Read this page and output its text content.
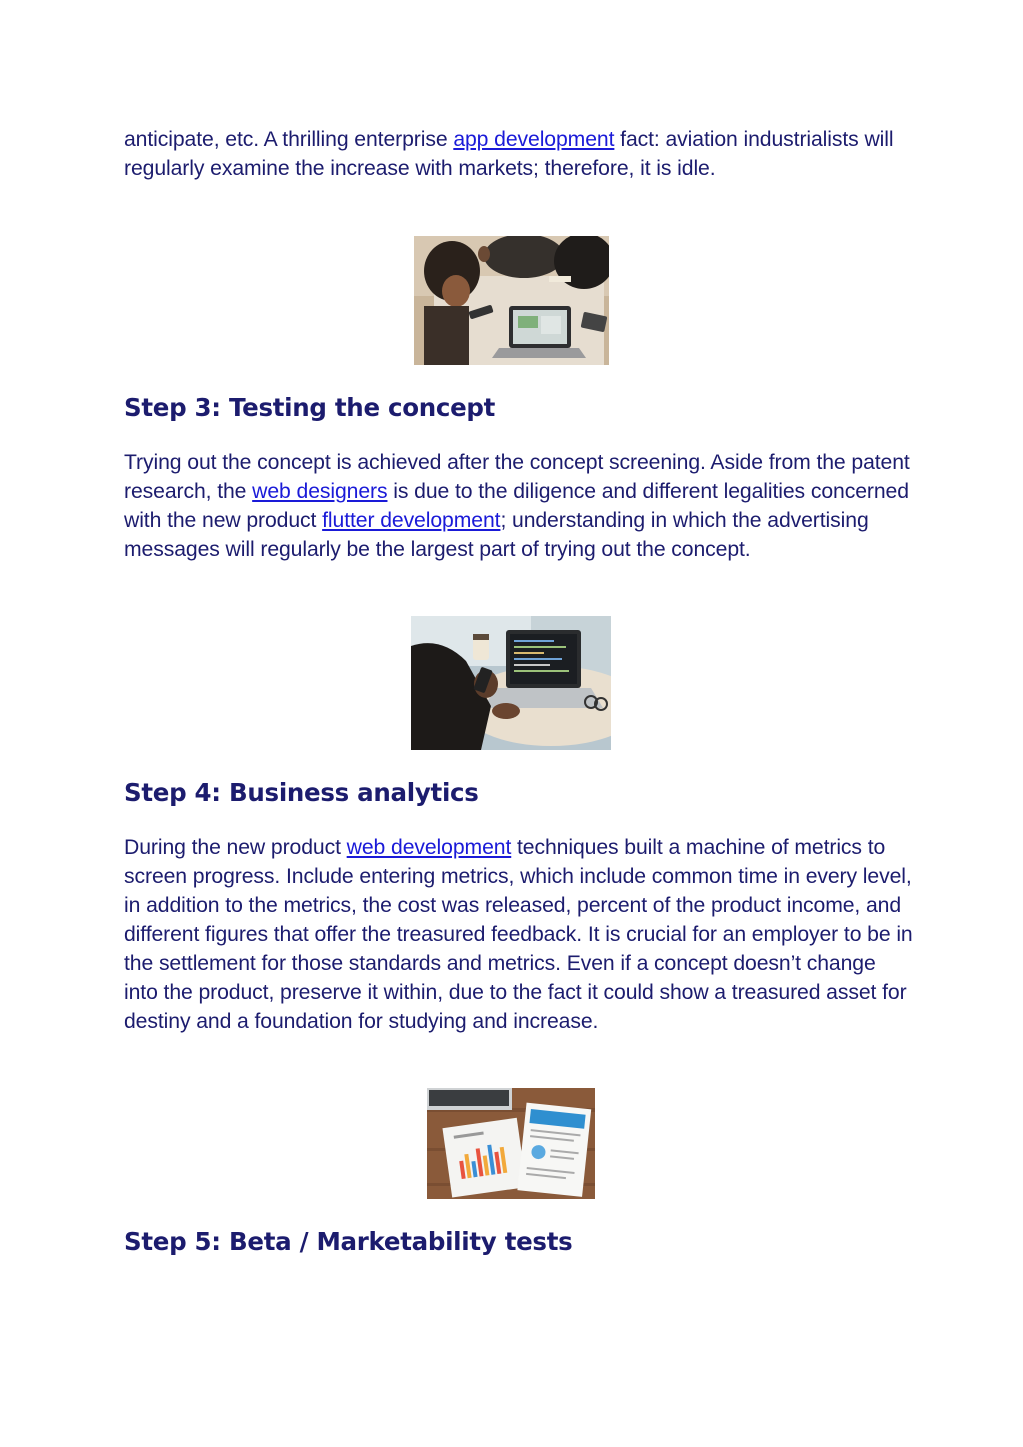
anticipate, etc. A thrilling enterprise app development fact: aviation industrialists will regularly examine the increase with markets; therefore, it is idle.

Step 3: Testing the concept

Trying out the concept is achieved after the concept screening. Aside from the patent research, the web designers is due to the diligence and different legalities concerned with the new product flutter development; understanding in which the advertising messages will regularly be the largest part of trying out the concept.

Step 4: Business analytics

During the new product web development techniques built a machine of metrics to screen progress. Include entering metrics, which include common time in every level, in addition to the metrics, the cost was released, percent of the product income, and different figures that offer the treasured feedback. It is crucial for an employer to be in the settlement for those standards and metrics. Even if a concept doesn’t change into the product, preserve it within, due to the fact it could show a treasured asset for destiny and a foundation for studying and increase.

Step 5: Beta / Marketability tests
